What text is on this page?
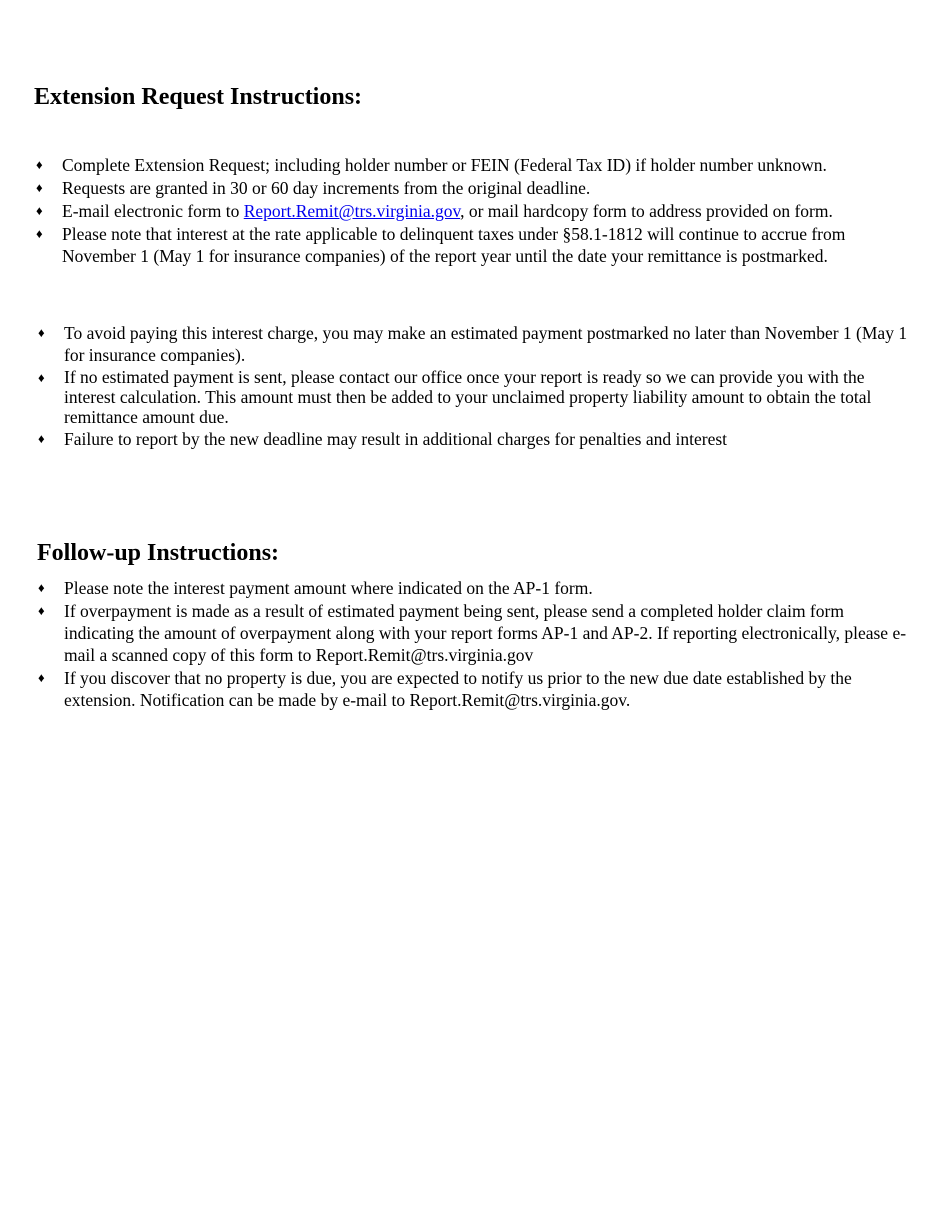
Extension Request Instructions:
♦ Complete Extension Request; including holder number or FEIN (Federal Tax ID) if holder number unknown.
♦ Requests are granted in 30 or 60 day increments from the original deadline.
♦ E-mail electronic form to Report.Remit@trs.virginia.gov, or mail hardcopy form to address provided on form.
♦ Please note that interest at the rate applicable to delinquent taxes under §58.1-1812 will continue to accrue from November 1 (May 1 for insurance companies) of the report year until the date your remittance is postmarked.
♦ To avoid paying this interest charge, you may make an estimated payment postmarked no later than November 1 (May 1 for insurance companies).
♦ If no estimated payment is sent, please contact our office once your report is ready so we can provide you with the interest calculation. This amount must then be added to your unclaimed property liability amount to obtain the total remittance amount due.
♦ Failure to report by the new deadline may result in additional charges for penalties and interest
Follow-up Instructions:
♦ Please note the interest payment amount where indicated on the AP-1 form.
♦ If overpayment is made as a result of estimated payment being sent, please send a completed holder claim form indicating the amount of overpayment along with your report forms AP-1 and AP-2. If reporting electronically, please e-mail a scanned copy of this form to Report.Remit@trs.virginia.gov
♦ If you discover that no property is due, you are expected to notify us prior to the new due date established by the extension. Notification can be made by e-mail to Report.Remit@trs.virginia.gov.
